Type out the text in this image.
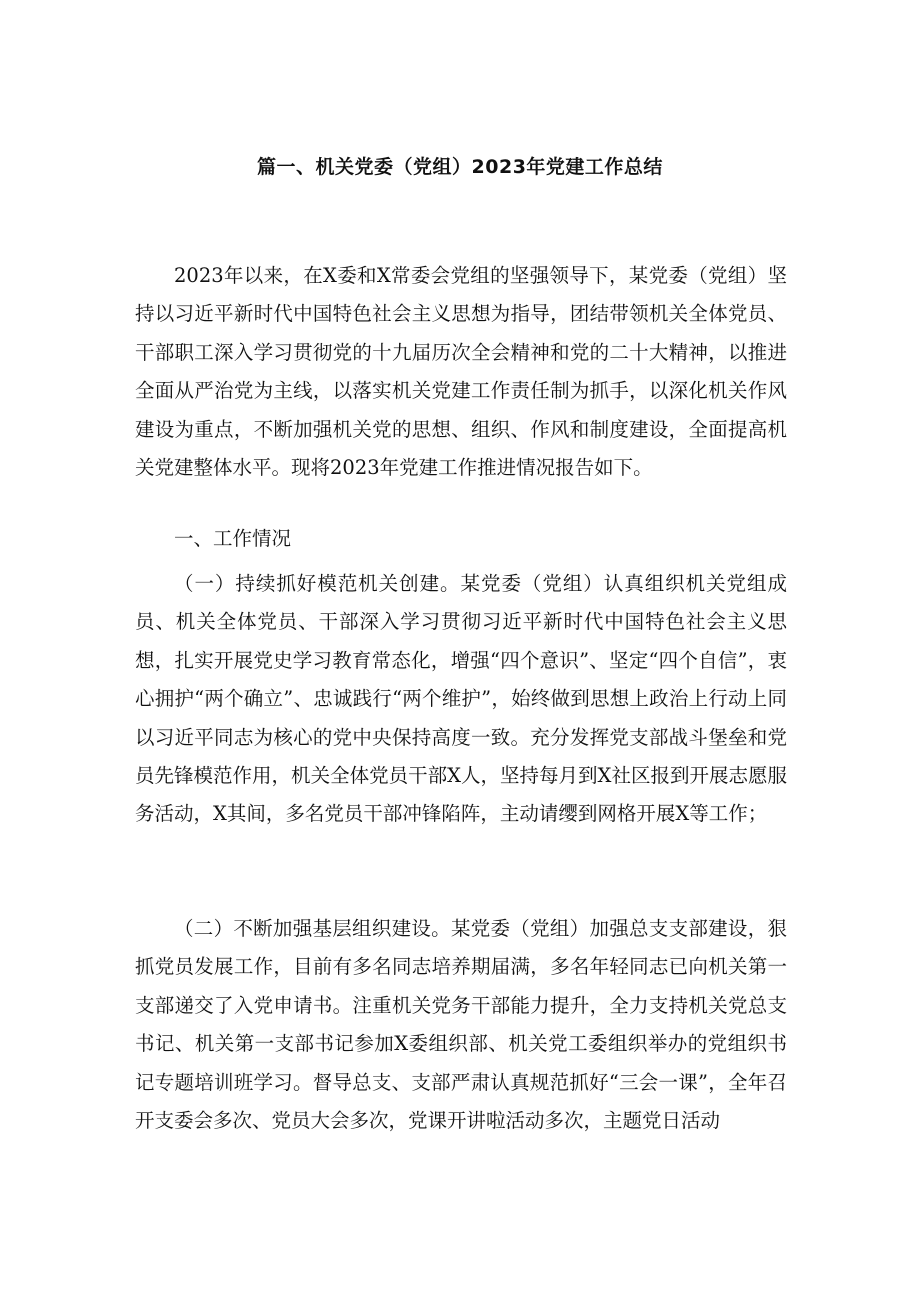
篇一、机关党委（党组）2023年党建工作总结

2023年以来，在X委和X常委会党组的坚强领导下，某党委（党组）坚持以习近平新时代中国特色社会主义思想为指导，团结带领机关全体党员、干部职工深入学习贯彻党的十九届历次全会精神和党的二十大精神，以推进全面从严治党为主线，以落实机关党建工作责任制为抓手，以深化机关作风建设为重点，不断加强机关党的思想、组织、作风和制度建设，全面提高机关党建整体水平。现将2023年党建工作推进情况报告如下。

一、工作情况

（一）持续抓好模范机关创建。某党委（党组）认真组织机关党组成员、机关全体党员、干部深入学习贯彻习近平新时代中国特色社会主义思想，扎实开展党史学习教育常态化，增强“四个意识”、坚定“四个自信”，衷心拥护“两个确立”、忠诚践行“两个维护”，始终做到思想上政治上行动上同以习近平同志为核心的党中央保持高度一致。充分发挥党支部战斗堡垒和党员先锋模范作用，机关全体党员干部X人，坚持每月到X社区报到开展志愿服务活动，X其间，多名党员干部冲锋陷阵，主动请缨到网格开展X等工作；

（二）不断加强基层组织建设。某党委（党组）加强总支支部建设，狠抓党员发展工作，目前有多名同志培养期届满，多名年轻同志已向机关第一支部递交了入党申请书。注重机关党务干部能力提升，全力支持机关党总支书记、机关第一支部书记参加X委组织部、机关党工委组织举办的党组织书记专题培训班学习。督导总支、支部严肃认真规范抓好“三会一课”，全年召开支委会多次、党员大会多次，党课开讲啦活动多次，主题党日活动
